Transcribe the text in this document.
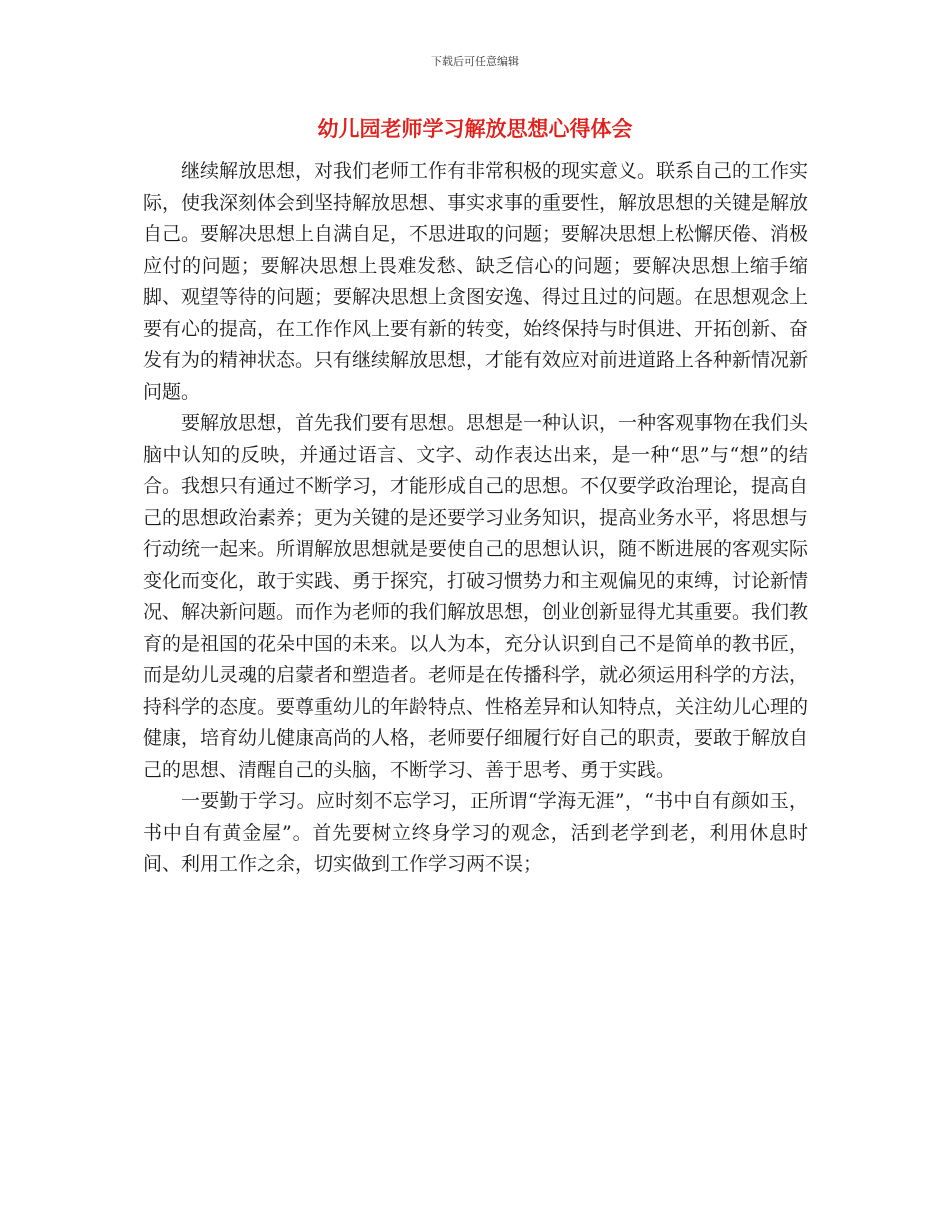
下载后可任意编辑
幼儿园老师学习解放思想心得体会

继续解放思想，对我们老师工作有非常积极的现实意义。联系自己的工作实际，使我深刻体会到坚持解放思想、事实求事的重要性，解放思想的关键是解放自己。要解决思想上自满自足，不思进取的问题；要解决思想上松懈厌倦、消极应付的问题；要解决思想上畏难发愁、缺乏信心的问题；要解决思想上缩手缩脚、观望等待的问题；要解决思想上贪图安逸、得过且过的问题。在思想观念上要有心的提高，在工作作风上要有新的转变，始终保持与时俱进、开拓创新、奋发有为的精神状态。只有继续解放思想，才能有效应对前进道路上各种新情况新问题。

要解放思想，首先我们要有思想。思想是一种认识，一种客观事物在我们头脑中认知的反映，并通过语言、文字、动作表达出来，是一种“思”与“想”的结合。我想只有通过不断学习，才能形成自己的思想。不仅要学政治理论，提高自己的思想政治素养；更为关键的是还要学习业务知识，提高业务水平，将思想与行动统一起来。所谓解放思想就是要使自己的思想认识，随不断进展的客观实际变化而变化，敢于实践、勇于探究，打破习惯势力和主观偏见的束缚，讨论新情况、解决新问题。而作为老师的我们解放思想，创业创新显得尤其重要。我们教育的是祖国的花朵中国的未来。以人为本，充分认识到自己不是简单的教书匠，而是幼儿灵魂的启蒙者和塑造者。老师是在传播科学，就必须运用科学的方法，持科学的态度。要尊重幼儿的年龄特点、性格差异和认知特点，关注幼儿心理的健康，培育幼儿健康高尚的人格，老师要仔细履行好自己的职责，要敢于解放自己的思想、清醒自己的头脑，不断学习、善于思考、勇于实践。

一要勤于学习。应时刻不忘学习，正所谓“学海无涯”，“书中自有颜如玉，书中自有黄金屋”。首先要树立终身学习的观念，活到老学到老，利用休息时间、利用工作之余，切实做到工作学习两不误；
